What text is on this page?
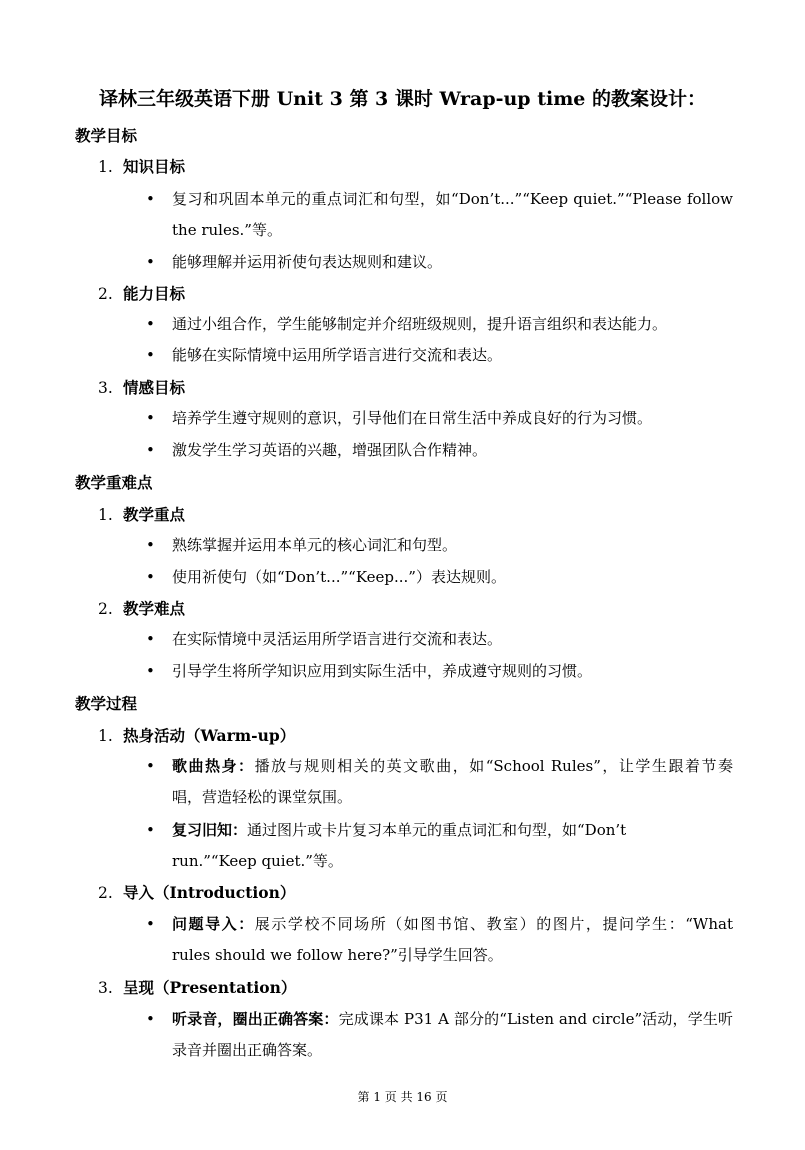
译林三年级英语下册 Unit 3 第 3 课时 Wrap-up time 的教案设计：
教学目标
1. 知识目标
• 复习和巩固本单元的重点词汇和句型，如“Don’t...”“Keep quiet.”“Please follow
the rules.”等。
• 能够理解并运用祈使句表达规则和建议。
2. 能力目标
• 通过小组合作，学生能够制定并介绍班级规则，提升语言组织和表达能力。
• 能够在实际情境中运用所学语言进行交流和表达。
3. 情感目标
• 培养学生遵守规则的意识，引导他们在日常生活中养成良好的行为习惯。
• 激发学生学习英语的兴趣，增强团队合作精神。
教学重难点
1. 教学重点
• 熟练掌握并运用本单元的核心词汇和句型。
• 使用祈使句（如“Don’t...”“Keep...”）表达规则。
2. 教学难点
• 在实际情境中灵活运用所学语言进行交流和表达。
• 引导学生将所学知识应用到实际生活中，养成遵守规则的习惯。
教学过程
1. 热身活动（Warm-up）
• 歌曲热身：播放与规则相关的英文歌曲，如“School Rules”，让学生跟着节奏
唱，营造轻松的课堂氛围。
• 复习旧知：通过图片或卡片复习本单元的重点词汇和句型，如“Don’t
run.”“Keep quiet.”等。
2. 导入（Introduction）
• 问题导入：展示学校不同场所（如图书馆、教室）的图片，提问学生：“What
rules should we follow here?”引导学生回答。
3. 呈现（Presentation）
• 听录音，圈出正确答案：完成课本 P31 A 部分的“Listen and circle”活动，学生听
录音并圈出正确答案。
第 1 页 共 16 页
